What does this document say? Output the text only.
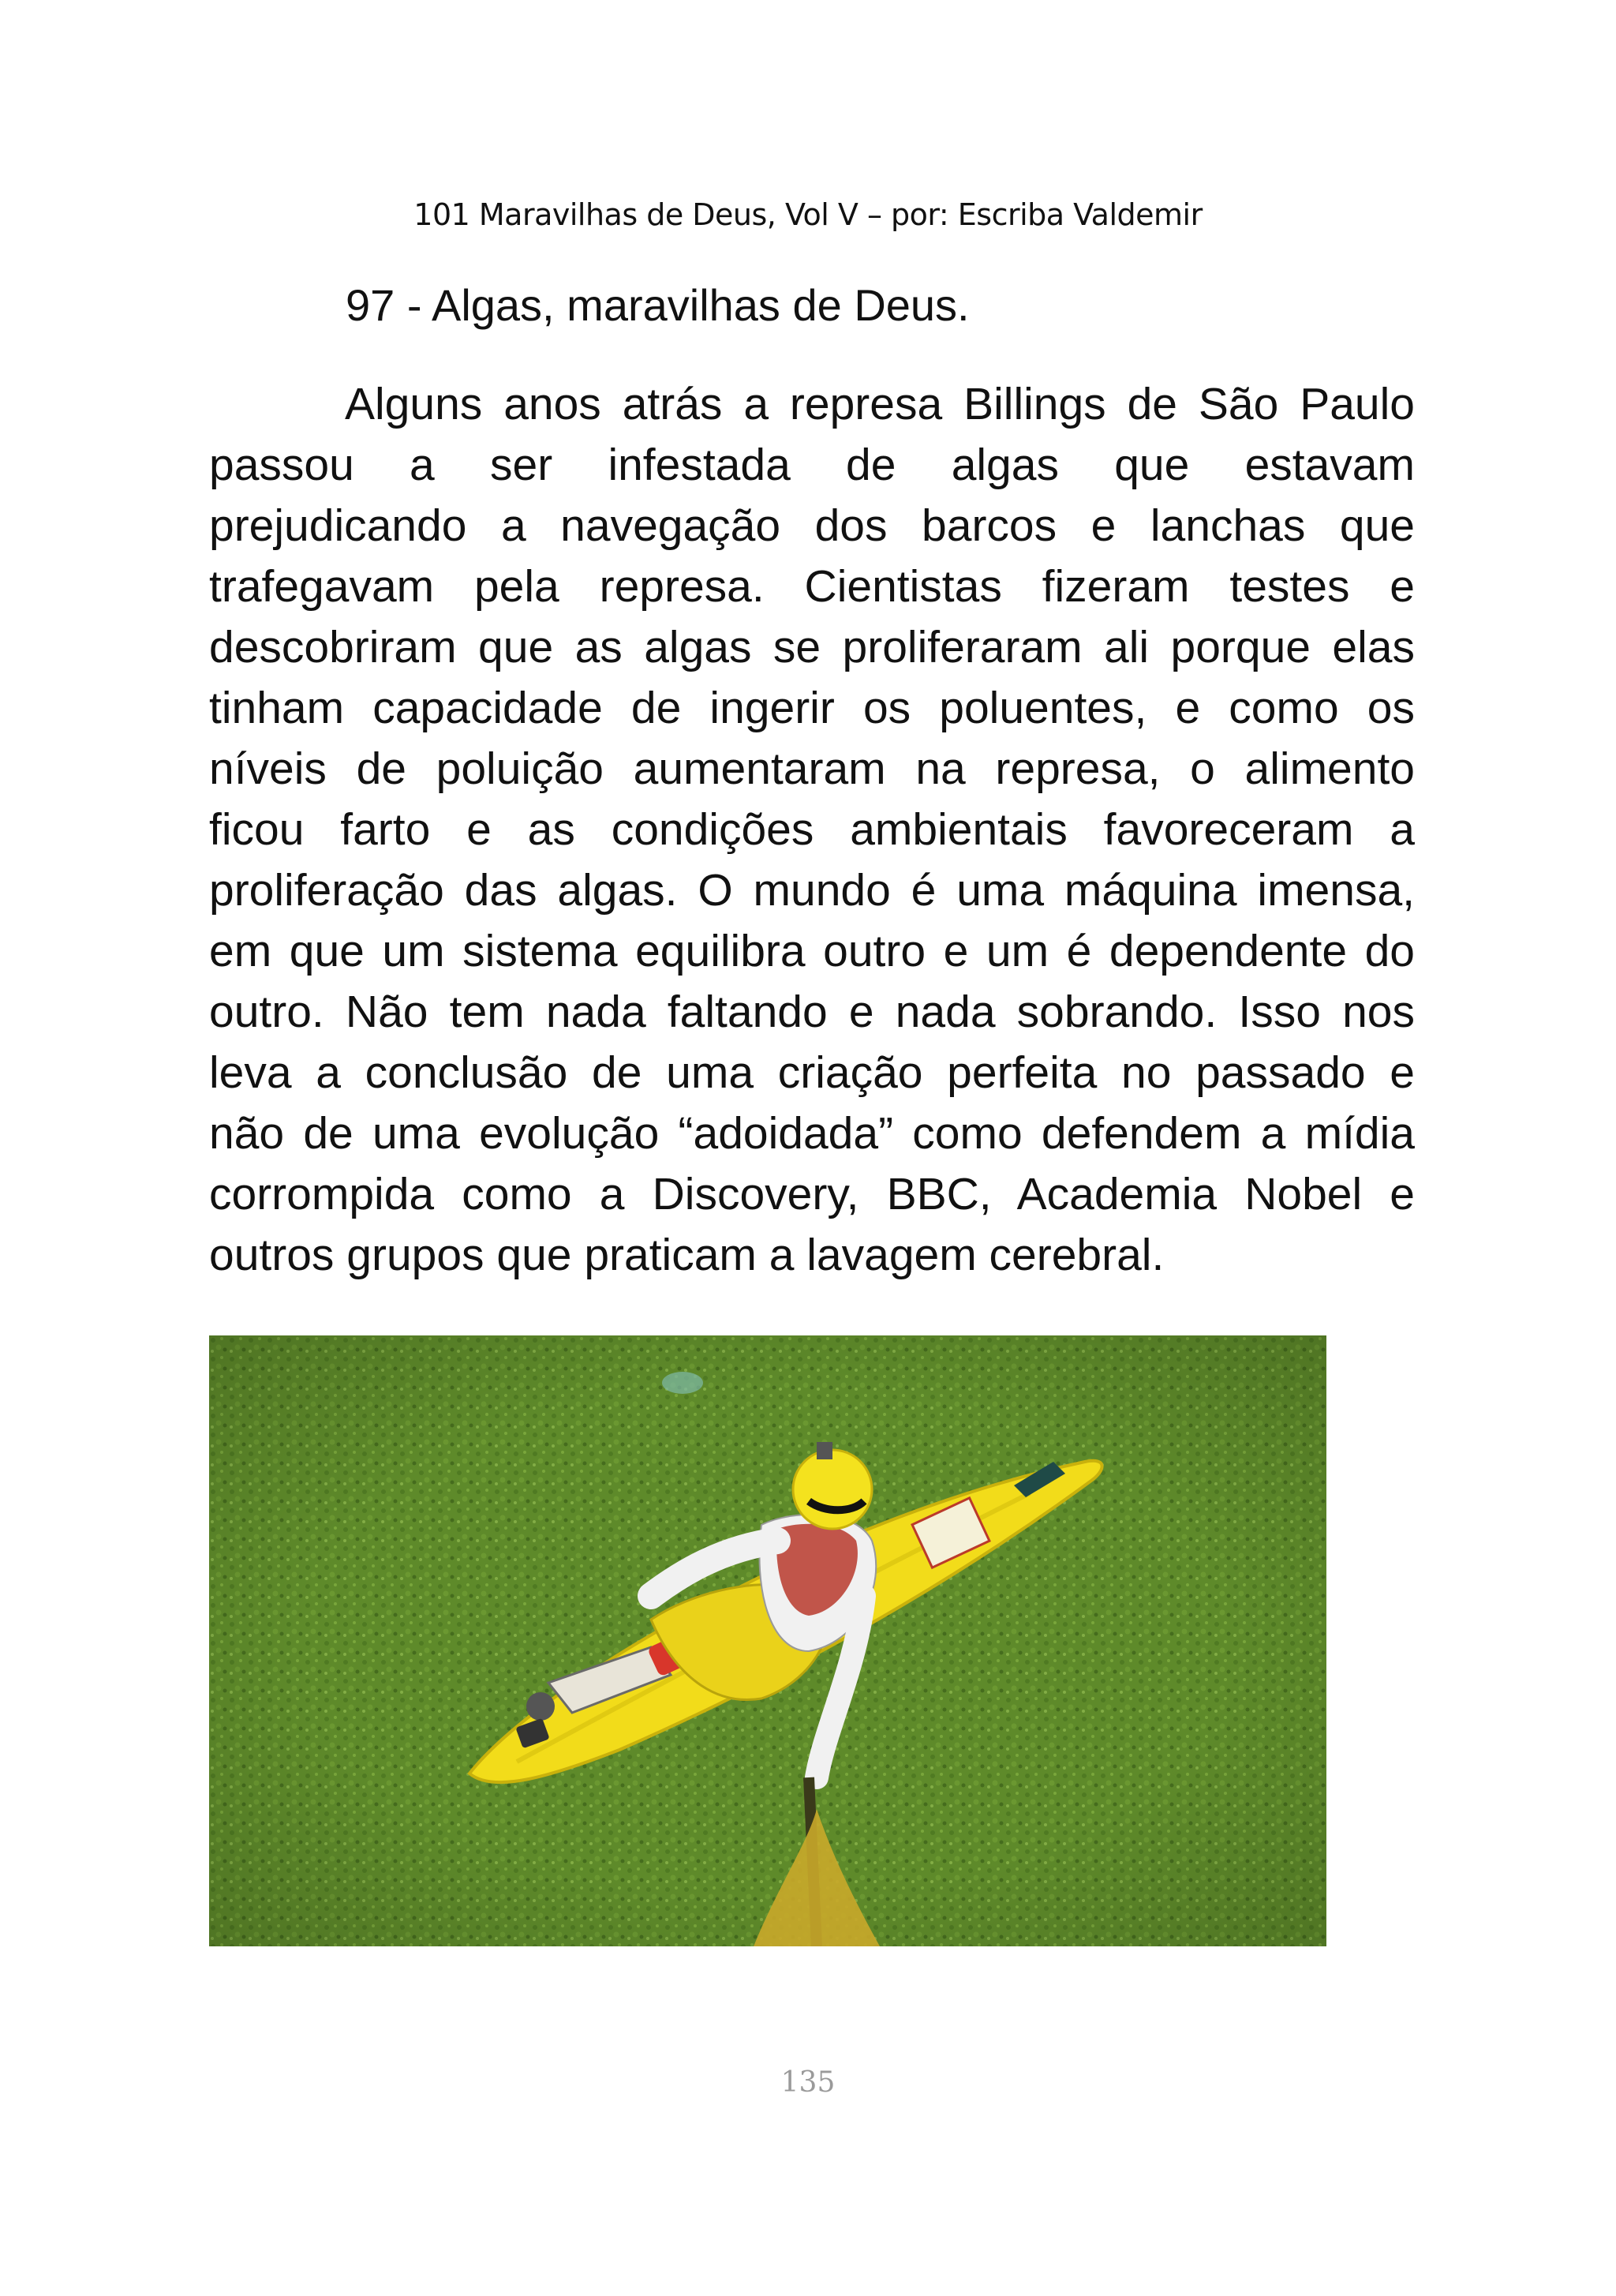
101 Maravilhas de Deus, Vol V – por: Escriba Valdemir
97 - Algas, maravilhas de Deus.
Alguns anos atrás a represa Billings de São Paulo
passou a ser infestada de algas que estavam
prejudicando a navegação dos barcos e lanchas que
trafegavam pela represa. Cientistas fizeram testes e
descobriram que as algas se proliferaram ali porque elas
tinham capacidade de ingerir os poluentes, e como os
níveis de poluição aumentaram na represa, o alimento
ficou farto e as condições ambientais favoreceram a
proliferação das algas. O mundo é uma máquina imensa,
em que um sistema equilibra outro e um é dependente do
outro. Não tem nada faltando e nada sobrando. Isso nos
leva a conclusão de uma criação perfeita no passado e
não de uma evolução “adoidada” como defendem a mídia
corrompida como a Discovery, BBC, Academia Nobel e
outros grupos que praticam a lavagem cerebral.
135
